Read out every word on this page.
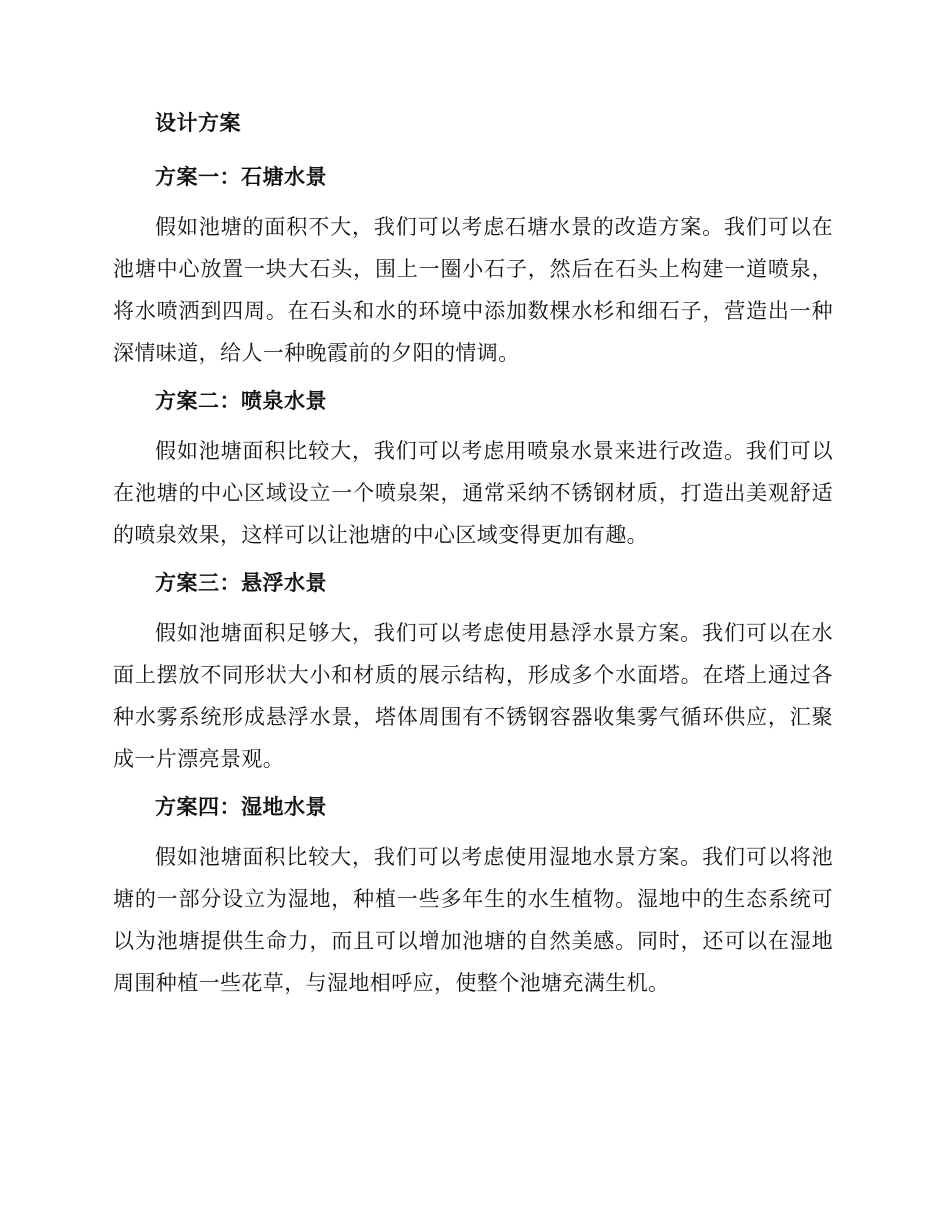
设计方案
方案一：石塘水景

假如池塘的面积不大，我们可以考虑石塘水景的改造方案。我们可以在池塘中心放置一块大石头，围上一圈小石子，然后在石头上构建一道喷泉，将水喷洒到四周。在石头和水的环境中添加数棵水杉和细石子，营造出一种深情味道，给人一种晚霞前的夕阳的情调。

方案二：喷泉水景

假如池塘面积比较大，我们可以考虑用喷泉水景来进行改造。我们可以在池塘的中心区域设立一个喷泉架，通常采纳不锈钢材质，打造出美观舒适的喷泉效果，这样可以让池塘的中心区域变得更加有趣。

方案三：悬浮水景

假如池塘面积足够大，我们可以考虑使用悬浮水景方案。我们可以在水面上摆放不同形状大小和材质的展示结构，形成多个水面塔。在塔上通过各种水雾系统形成悬浮水景，塔体周围有不锈钢容器收集雾气循环供应，汇聚成一片漂亮景观。

方案四：湿地水景

假如池塘面积比较大，我们可以考虑使用湿地水景方案。我们可以将池塘的一部分设立为湿地，种植一些多年生的水生植物。湿地中的生态系统可以为池塘提供生命力，而且可以增加池塘的自然美感。同时，还可以在湿地周围种植一些花草，与湿地相呼应，使整个池塘充满生机。
